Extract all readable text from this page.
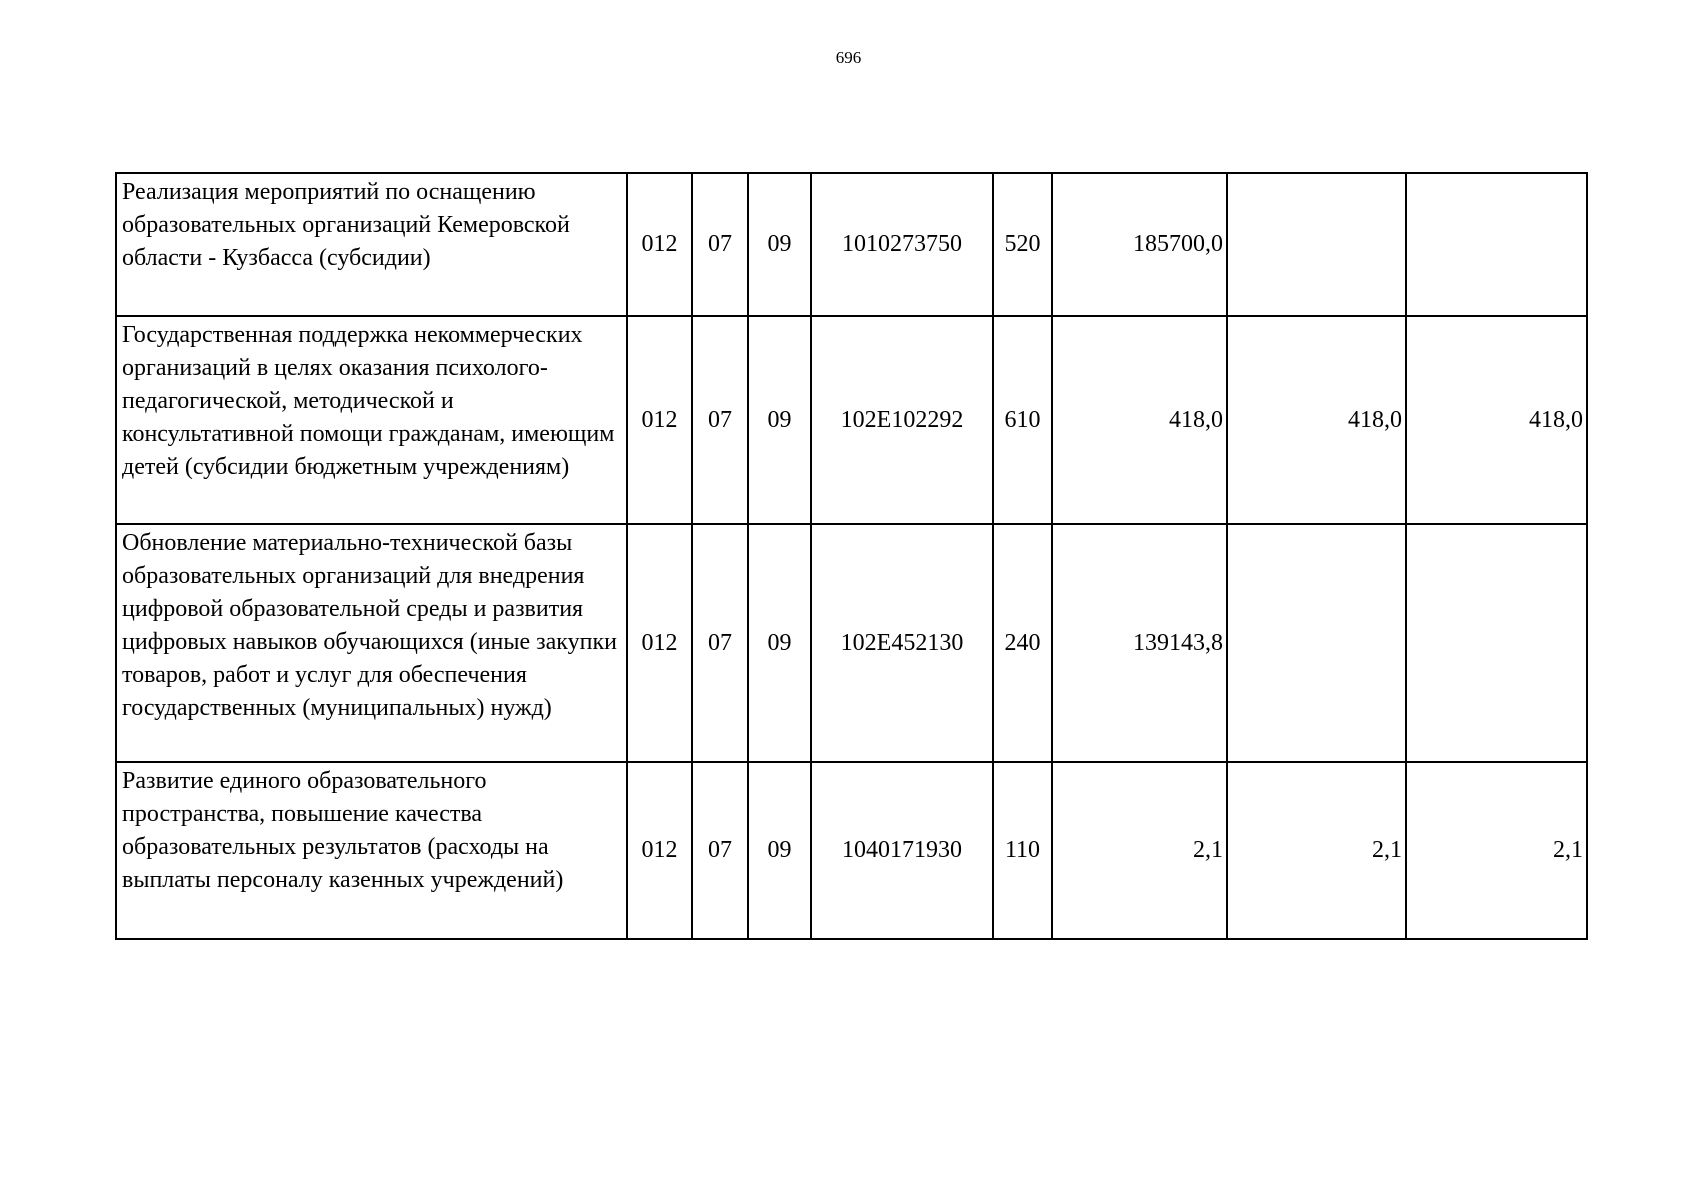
696
Реализация мероприятий по оснащению образовательных организаций Кемеровской области - Кузбасса (субсидии)	012	07	09	1010273750	520	185700,0		
Государственная поддержка некоммерческих организаций в целях оказания психолого-педагогической, методической и консультативной помощи гражданам, имеющим детей (субсидии бюджетным учреждениям)	012	07	09	102E102292	610	418,0	418,0	418,0
Обновление материально-технической базы образовательных организаций для внедрения цифровой образовательной среды и развития цифровых навыков обучающихся (иные закупки товаров, работ и услуг для обеспечения государственных (муниципальных) нужд)	012	07	09	102E452130	240	139143,8		
Развитие единого образовательного пространства, повышение качества образовательных результатов (расходы на выплаты персоналу казенных учреждений)	012	07	09	1040171930	110	2,1	2,1	2,1
